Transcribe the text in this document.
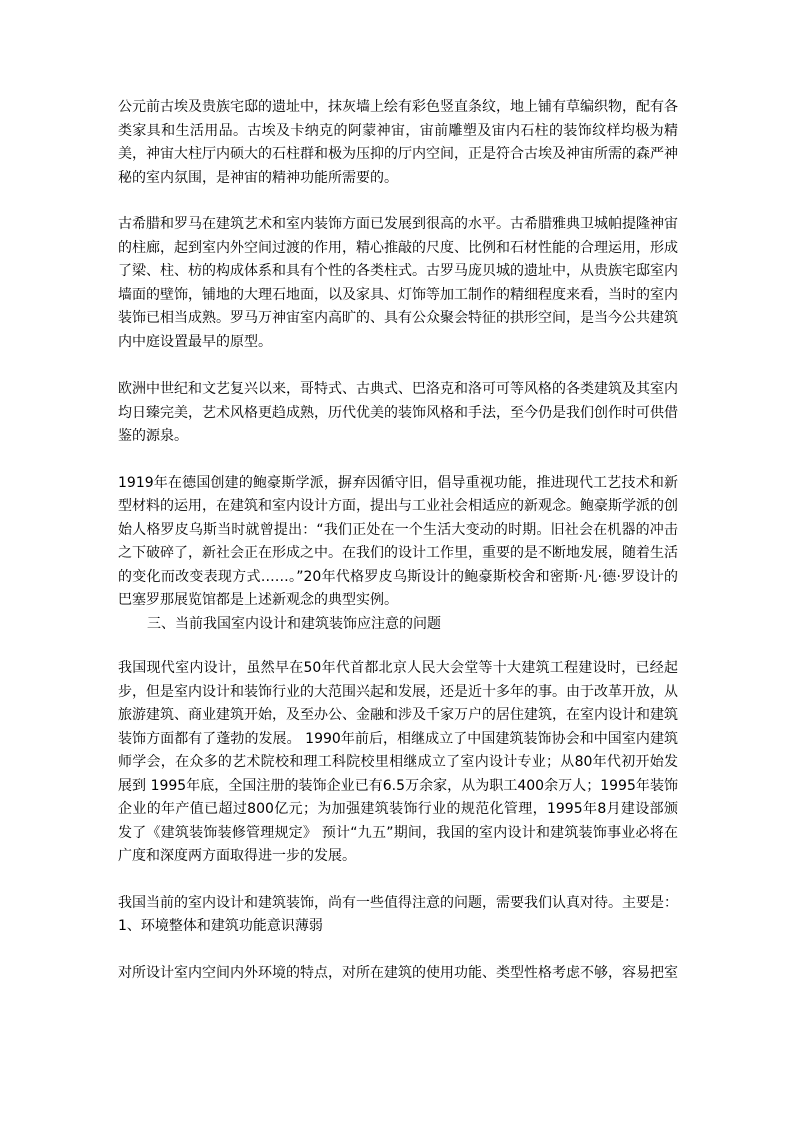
公元前古埃及贵族宅邸的遗址中，抹灰墙上绘有彩色竖直条纹，地上铺有草编织物，配有各类家具和生活用品。古埃及卡纳克的阿蒙神宙，宙前雕塑及宙内石柱的装饰纹样均极为精美，神宙大柱厅内硕大的石柱群和极为压抑的厅内空间，正是符合古埃及神宙所需的森严神秘的室内氛围，是神宙的精神功能所需要的。

古希腊和罗马在建筑艺术和室内装饰方面已发展到很高的水平。古希腊雅典卫城帕提隆神宙的柱廊，起到室内外空间过渡的作用，精心推敲的尺度、比例和石材性能的合理运用，形成了梁、柱、枋的构成体系和具有个性的各类柱式。古罗马庞贝城的遗址中，从贵族宅邸室内墙面的壁饰，铺地的大理石地面，以及家具、灯饰等加工制作的精细程度来看，当时的室内装饰已相当成熟。罗马万神宙室内高旷的、具有公众聚会特征的拱形空间，是当今公共建筑内中庭设置最早的原型。

欧洲中世纪和文艺复兴以来，哥特式、古典式、巴洛克和洛可可等风格的各类建筑及其室内均日臻完美，艺术风格更趋成熟，历代优美的装饰风格和手法，至今仍是我们创作时可供借鉴的源泉。

1919年在德国创建的鲍豪斯学派，摒弃因循守旧，倡导重视功能，推进现代工艺技术和新型材料的运用，在建筑和室内设计方面，提出与工业社会相适应的新观念。鲍豪斯学派的创始人格罗皮乌斯当时就曾提出：“我们正处在一个生活大变动的时期。旧社会在机器的冲击之下破碎了，新社会正在形成之中。在我们的设计工作里，重要的是不断地发展，随着生活的变化而改变表现方式……。”20年代格罗皮乌斯设计的鲍豪斯校舍和密斯·凡·德·罗设计的巴塞罗那展览馆都是上述新观念的典型实例。

三、当前我国室内设计和建筑装饰应注意的问题

我国现代室内设计，虽然早在50年代首都北京人民大会堂等十大建筑工程建设时，已经起步，但是室内设计和装饰行业的大范围兴起和发展，还是近十多年的事。由于改革开放，从旅游建筑、商业建筑开始，及至办公、金融和涉及千家万户的居住建筑，在室内设计和建筑装饰方面都有了蓬勃的发展。 1990年前后，相继成立了中国建筑装饰协会和中国室内建筑师学会，在众多的艺术院校和理工科院校里相继成立了室内设计专业；从80年代初开始发展到 1995年底，全国注册的装饰企业已有6.5万余家，从为职工400余万人；1995年装饰企业的年产值已超过800亿元；为加强建筑装饰行业的规范化管理，1995年8月建设部颁发了《建筑装饰装修管理规定》 预计“九五”期间，我国的室内设计和建筑装饰事业必将在广度和深度两方面取得进一步的发展。

我国当前的室内设计和建筑装饰，尚有一些值得注意的问题，需要我们认真对待。主要是：

1、环境整体和建筑功能意识薄弱

对所设计室内空间内外环境的特点，对所在建筑的使用功能、类型性格考虑不够，容易把室
